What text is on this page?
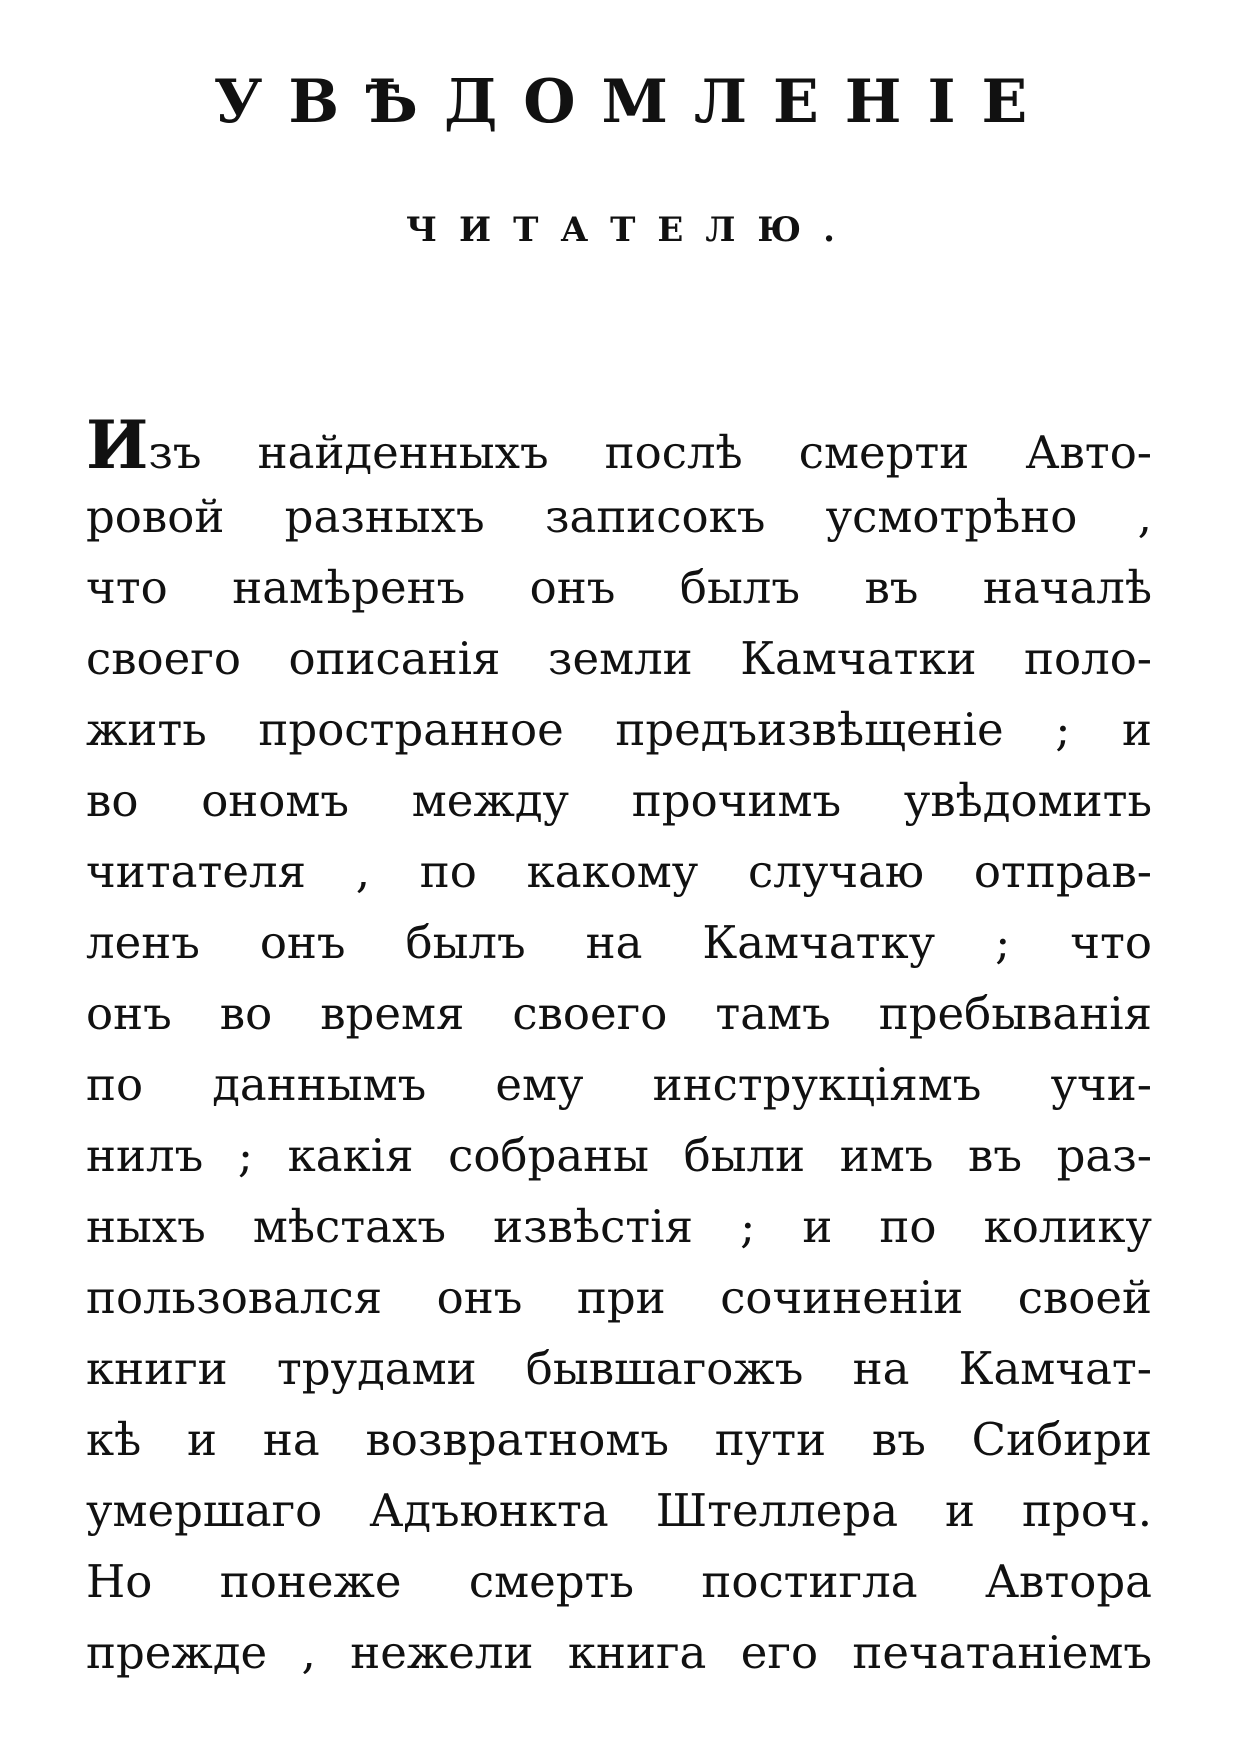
УВѢДОМЛЕНІЕ
ЧИТАТЕЛЮ.
Изъ найденныхъ послѣ смерти Авто-
ровой разныхъ записокъ усмотрѣно ,
что намѣренъ онъ былъ въ началѣ
своего описанія земли Камчатки поло-
жить пространное предъизвѣщеніе ; и
во ономъ между прочимъ увѣдомить
читателя , по какому случаю отправ-
ленъ онъ былъ на Камчатку ; что
онъ во время своего тамъ пребыванія
по даннымъ ему инструкціямъ учи-
нилъ ; какія собраны были имъ въ раз-
ныхъ мѣстахъ извѣстія ; и по колику
пользовался онъ при сочиненіи своей
книги трудами бывшагожъ на Камчат-
кѣ и на возвратномъ пути въ Сибири
умершаго Адъюнкта Штеллера и проч.
Но понеже смерть постигла Автора
прежде , нежели книга его печатаніемъ
